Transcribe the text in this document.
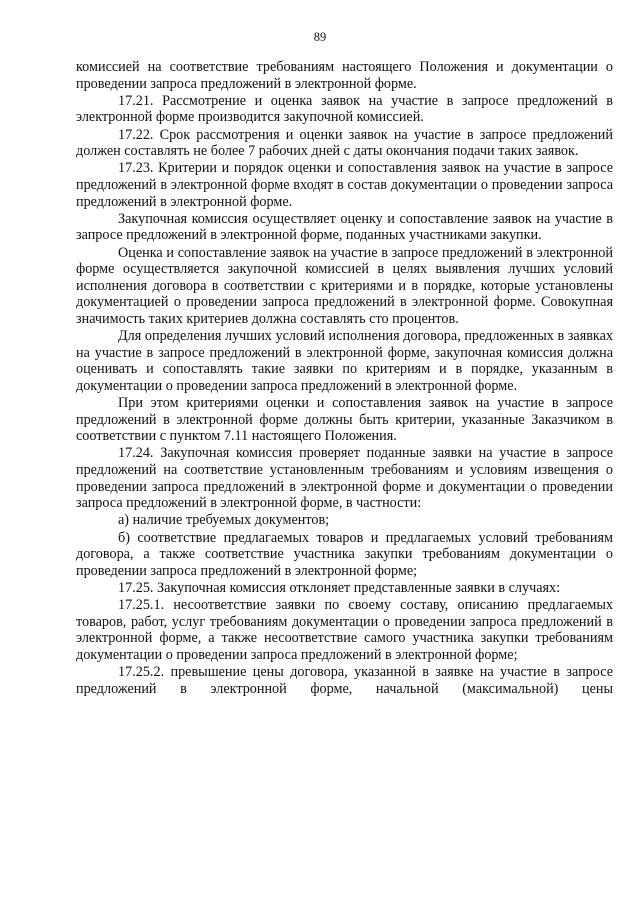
89

комиссией на соответствие требованиям настоящего Положения и документации о проведении запроса предложений в электронной форме.

17.21. Рассмотрение и оценка заявок на участие в запросе предложений в электронной форме производится закупочной комиссией.

17.22. Срок рассмотрения и оценки заявок на участие в запросе предложений должен составлять не более 7 рабочих дней с даты окончания подачи таких заявок.

17.23. Критерии и порядок оценки и сопоставления заявок на участие в запросе предложений в электронной форме входят в состав документации о проведении запроса предложений в электронной форме.

Закупочная комиссия осуществляет оценку и сопоставление заявок на участие в запросе предложений в электронной форме, поданных участниками закупки.

Оценка и сопоставление заявок на участие в запросе предложений в электронной форме осуществляется закупочной комиссией в целях выявления лучших условий исполнения договора в соответствии с критериями и в порядке, которые установлены документацией о проведении запроса предложений в электронной форме. Совокупная значимость таких критериев должна составлять сто процентов.

Для определения лучших условий исполнения договора, предложенных в заявках на участие в запросе предложений в электронной форме, закупочная комиссия должна оценивать и сопоставлять такие заявки по критериям и в порядке, указанным в документации о проведении запроса предложений в электронной форме.

При этом критериями оценки и сопоставления заявок на участие в запросе предложений в электронной форме должны быть критерии, указанные Заказчиком в соответствии с пунктом 7.11 настоящего Положения.

17.24. Закупочная комиссия проверяет поданные заявки на участие в запросе предложений на соответствие установленным требованиям и условиям извещения о проведении запроса предложений в электронной форме и документации о проведении запроса предложений в электронной форме, в частности:

а) наличие требуемых документов;

б) соответствие предлагаемых товаров и предлагаемых условий требованиям договора, а также соответствие участника закупки требованиям документации о проведении запроса предложений в электронной форме;

17.25. Закупочная комиссия отклоняет представленные заявки в случаях:

17.25.1. несоответствие заявки по своему составу, описанию предлагаемых товаров, работ, услуг требованиям документации о проведении запроса предложений в электронной форме, а также несоответствие самого участника закупки требованиям документации о проведении запроса предложений в электронной форме;

17.25.2. превышение цены договора, указанной в заявке на участие в запросе предложений в электронной форме, начальной (максимальной) цены
